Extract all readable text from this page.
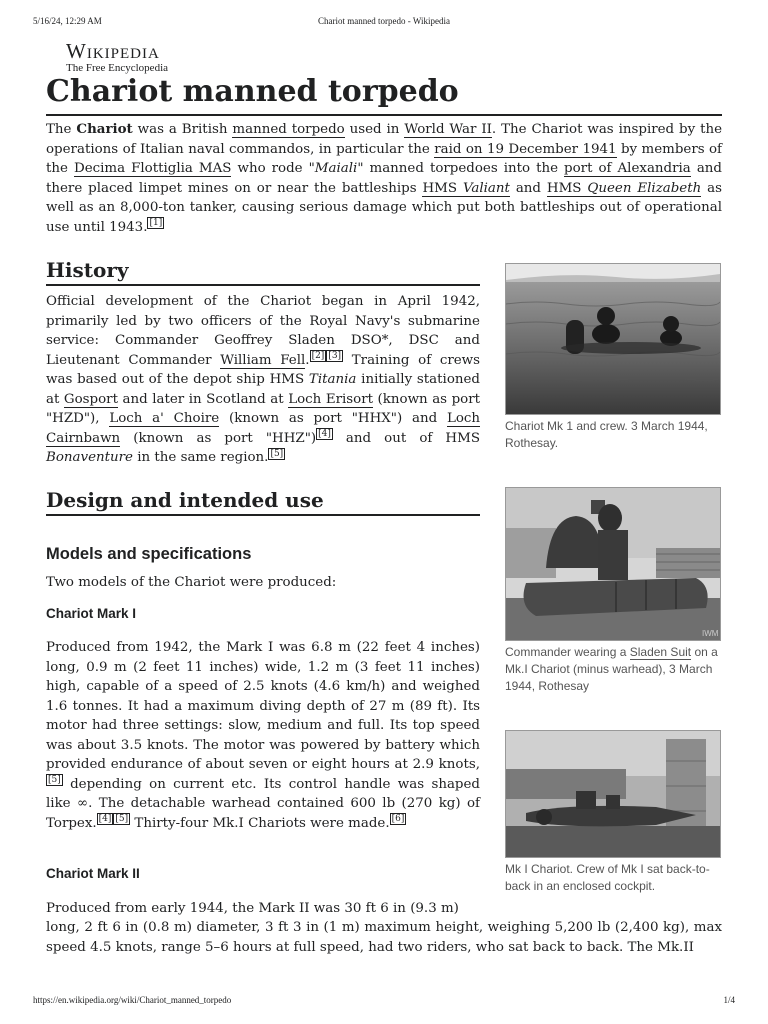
5/16/24, 12:29 AM	Chariot manned torpedo - Wikipedia
Wikipedia
The Free Encyclopedia
Chariot manned torpedo
The Chariot was a British manned torpedo used in World War II. The Chariot was inspired by the operations of Italian naval commandos, in particular the raid on 19 December 1941 by members of the Decima Flottiglia MAS who rode "Maiali" manned torpedoes into the port of Alexandria and there placed limpet mines on or near the battleships HMS Valiant and HMS Queen Elizabeth as well as an 8,000-ton tanker, causing serious damage which put both battleships out of operational use until 1943. [1]
History
Official development of the Chariot began in April 1942, primarily led by two officers of the Royal Navy's submarine service: Commander Geoffrey Sladen DSO*, DSC and Lieutenant Commander William Fell. [2] [3] Training of crews was based out of the depot ship HMS Titania initially stationed at Gosport and later in Scotland at Loch Erisort (known as port "HZD"), Loch a' Choire (known as port "HHX") and Loch Cairnbawn (known as port "HHZ") [4] and out of HMS Bonaventure in the same region. [5]
Design and intended use
Models and specifications
Two models of the Chariot were produced:
Chariot Mark I
Produced from 1942, the Mark I was 6.8 m (22 feet 4 inches) long, 0.9 m (2 feet 11 inches) wide, 1.2 m (3 feet 11 inches) high, capable of a speed of 2.5 knots (4.6 km/h) and weighed 1.6 tonnes. It had a maximum diving depth of 27 m (89 ft). Its motor had three settings: slow, medium and full. Its top speed was about 3.5 knots. The motor was powered by battery which provided endurance of about seven or eight hours at 2.9 knots,[5] depending on current etc. Its control handle was shaped like ∞. The detachable warhead contained 600 lb (270 kg) of Torpex. [4] [5] Thirty-four Mk.I Chariots were made. [6]
Chariot Mark II
Produced from early 1944, the Mark II was 30 ft 6 in (9.3 m)
long, 2 ft 6 in (0.8 m) diameter, 3 ft 3 in (1 m) maximum height, weighing 5,200 lb (2,400 kg), max speed 4.5 knots, range 5–6 hours at full speed, had two riders, who sat back to back. The Mk.II
Chariot Mk 1 and crew. 3 March 1944, Rothesay.
IWM
Commander wearing a Sladen Suit on a Mk.I Chariot (minus warhead), 3 March 1944, Rothesay
Mk I Chariot. Crew of Mk I sat back-to-back in an enclosed cockpit.
https://en.wikipedia.org/wiki/Chariot_manned_torpedo	1/4
